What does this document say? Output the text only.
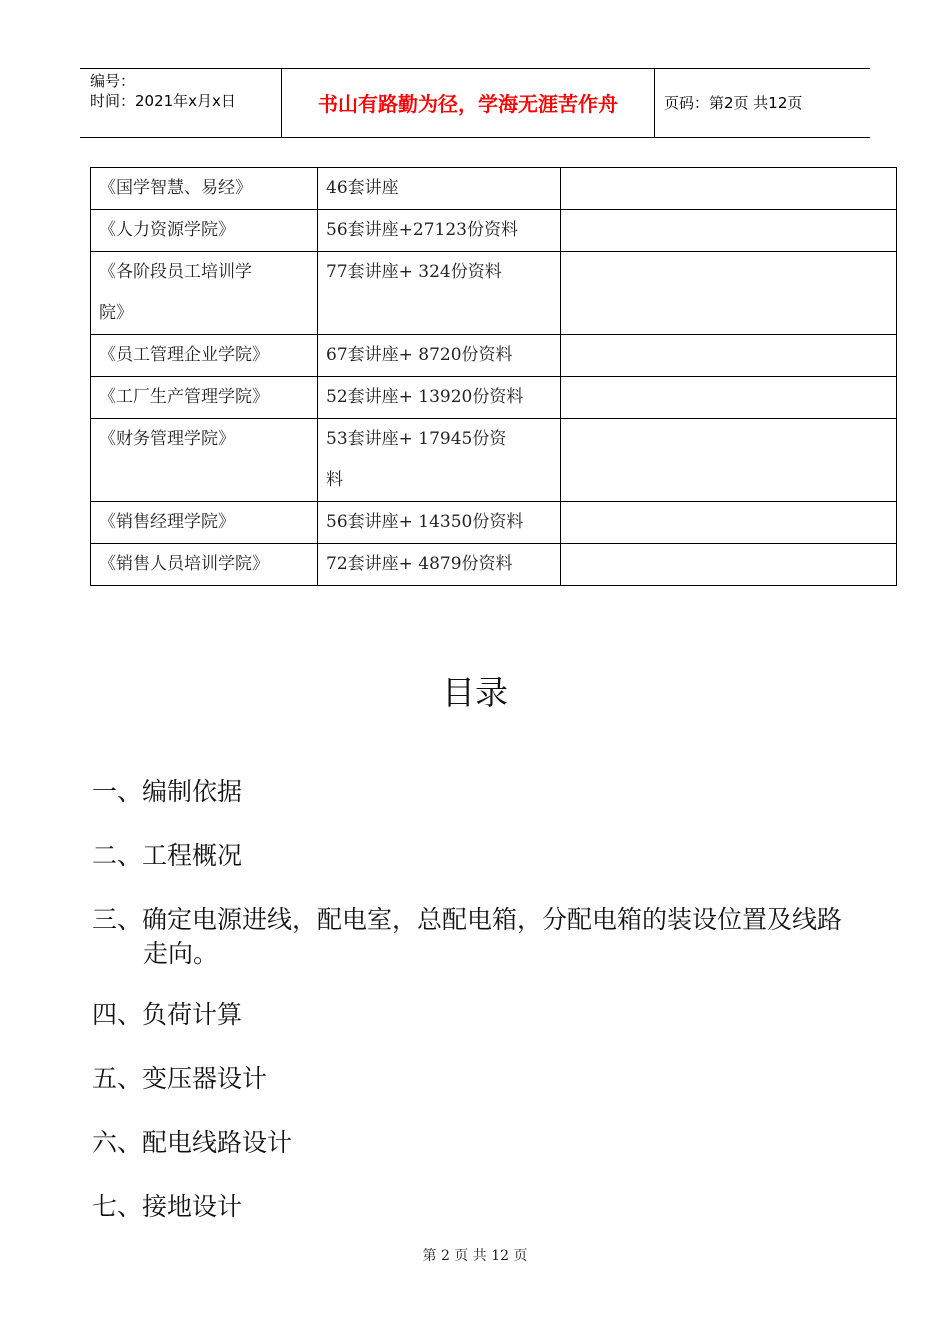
编号：
时间：2021年x月x日	书山有路勤为径，学海无涯苦作舟	页码：第2页 共12页
《国学智慧、易经》	46套讲座	
《人力资源学院》	56套讲座+27123份资料	

《各阶段员工培训学
院》	77套讲座+ 324份资料	
《员工管理企业学院》	67套讲座+ 8720份资料	
《工厂生产管理学院》	52套讲座+ 13920份资料	
《财务管理学院》	53套讲座+ 17945份资
料	

《销售经理学院》	56套讲座+ 14350份资料	
《销售人员培训学院》	72套讲座+ 4879份资料	
目录
一、编制依据
二、工程概况
三、确定电源进线，配电室，总配电箱，分配电箱的装设位置及线路
走向。
四、负荷计算
五、变压器设计
六、配电线路设计
七、接地设计
第 2 页 共 12 页
